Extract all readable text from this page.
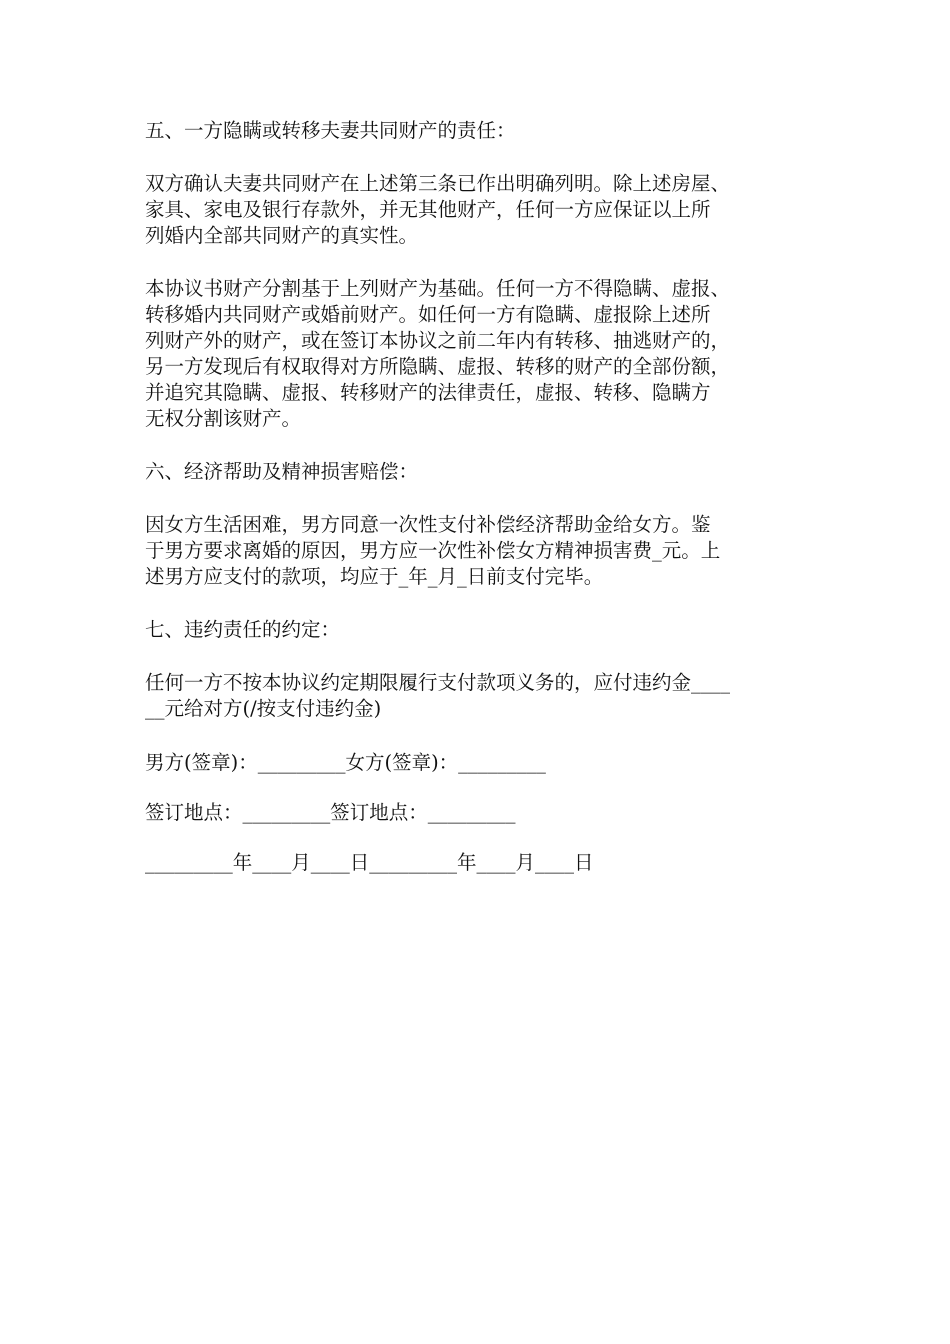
五、一方隐瞒或转移夫妻共同财产的责任：
双方确认夫妻共同财产在上述第三条已作出明确列明。除上述房屋、
家具、家电及银行存款外，并无其他财产，任何一方应保证以上所
列婚内全部共同财产的真实性。
本协议书财产分割基于上列财产为基础。任何一方不得隐瞒、虚报、
转移婚内共同财产或婚前财产。如任何一方有隐瞒、虚报除上述所
列财产外的财产，或在签订本协议之前二年内有转移、抽逃财产的，
另一方发现后有权取得对方所隐瞒、虚报、转移的财产的全部份额，
并追究其隐瞒、虚报、转移财产的法律责任，虚报、转移、隐瞒方
无权分割该财产。
六、经济帮助及精神损害赔偿：
因女方生活困难，男方同意一次性支付补偿经济帮助金给女方。鉴
于男方要求离婚的原因，男方应一次性补偿女方精神损害费_元。上
述男方应支付的款项，均应于_年_月_日前支付完毕。
七、违约责任的约定：
任何一方不按本协议约定期限履行支付款项义务的，应付违约金____
__元给对方(/按支付违约金)
男方(签章)：_________女方(签章)：_________
签订地点：_________签订地点：_________
_________年____月____日_________年____月____日
